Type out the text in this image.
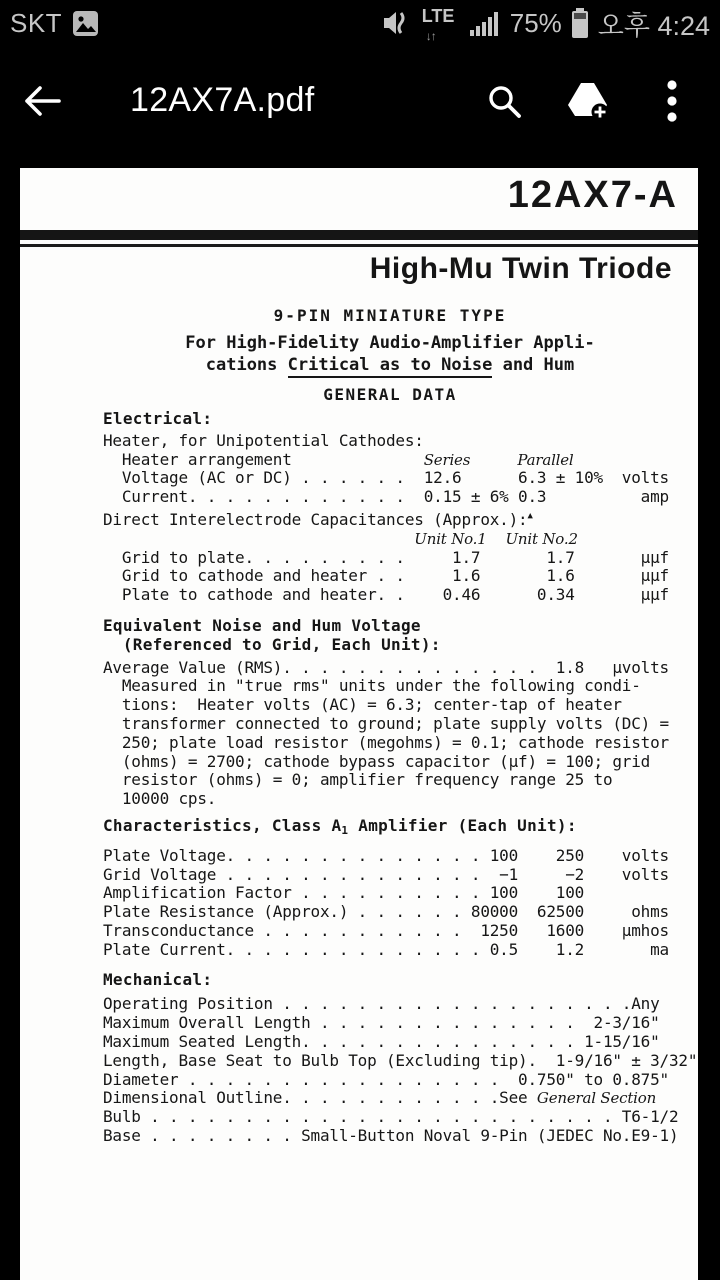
SKT	LTE
↓↑	75% 오후 4:24
12AX7A.pdf
12AX7-A
High-Mu Twin Triode
9-PIN MINIATURE TYPE
For High-Fidelity Audio-Amplifier Appli-
cations Critical as to Noise and Hum
GENERAL DATA
Electrical:
Heater, for Unipotential Cathodes:
Heater arrangement              Series	Parallel
Voltage (AC or DC) . . . . . .  12.6      6.3 ± 10%  volts
Current. . . . . . . . . . . .  0.15 ± 6% 0.3          amp
Direct Interelectrode Capacitances (Approx.):▲
Unit No.1 Unit No.2
Grid to plate. . . . . . . . .     1.7       1.7       μμf
Grid to cathode and heater . .     1.6       1.6       μμf
Plate to cathode and heater. .    0.46      0.34       μμf
Equivalent Noise and Hum Voltage
(Referenced to Grid, Each Unit):
Average Value (RMS). . . . . . . . . . . . . .  1.8   μvolts
Measured in "true rms" units under the following condi-
tions:  Heater volts (AC) = 6.3; center-tap of heater
transformer connected to ground; plate supply volts (DC) =
250; plate load resistor (megohms) = 0.1; cathode resistor
(ohms) = 2700; cathode bypass capacitor (μf) = 100; grid
resistor (ohms) = 0; amplifier frequency range 25 to
10000 cps.
Characteristics, Class A1 Amplifier (Each Unit):
Plate Voltage. . . . . . . . . . . . . . 100    250    volts
Grid Voltage . . . . . . . . . . . . . .  −1     −2    volts
Amplification Factor . . . . . . . . . . 100    100
Plate Resistance (Approx.) . . . . . . 80000  62500     ohms
Transconductance . . . . . . . . . . .  1250   1600    μmhos
Plate Current. . . . . . . . . . . . . . 0.5    1.2       ma
Mechanical:
Operating Position . . . . . . . . . . . . . . . . . . .Any
Maximum Overall Length . . . . . . . . . . . . . .  2-3/16"
Maximum Seated Length. . . . . . . . . . . . . . . 1-15/16"
Length, Base Seat to Bulb Top (Excluding tip).  1-9/16" ± 3/32"
Diameter . . . . . . . . . . . . . . . . .  0.750" to 0.875"
Dimensional Outline. . . . . . . . . . . .See General Section
Bulb . . . . . . . . . . . . . . . . . . . . . . . . . T6-1/2
Base . . . . . . . . Small-Button Noval 9-Pin (JEDEC No.E9-1)
